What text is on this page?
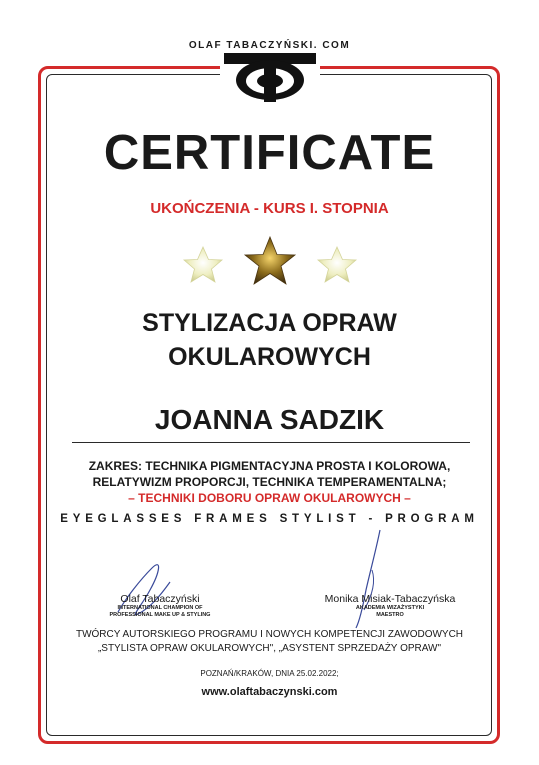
OLAF TABACZYŃSKI. COM
CERTIFICATE
UKOŃCZENIA - KURS I. STOPNIA
STYLIZACJA OPRAW
OKULAROWYCH
JOANNA SADZIK
ZAKRES: TECHNIKA PIGMENTACYJNA PROSTA I KOLOROWA,
RELATYWIZM PROPORCJI, TECHNIKA TEMPERAMENTALNA;
– TECHNIKI DOBORU OPRAW OKULAROWYCH –
EYEGLASSES FRAMES STYLIST - PROGRAM
Olaf Tabaczyński
INTERNATIONAL CHAMPION OF
PROFESSIONAL MAKE UP & STYLING
Monika Misiak-Tabaczyńska
AKADEMIA WIZAŻYSTYKI
MAESTRO
TWÓRCY AUTORSKIEGO PROGRAMU I NOWYCH KOMPETENCJI ZAWODOWYCH
„STYLISTA OPRAW OKULAROWYCH", „ASYSTENT SPRZEDAŻY OPRAW"
POZNAŃ/KRAKÓW, DNIA 25.02.2022;
www.olaftabaczynski.com
